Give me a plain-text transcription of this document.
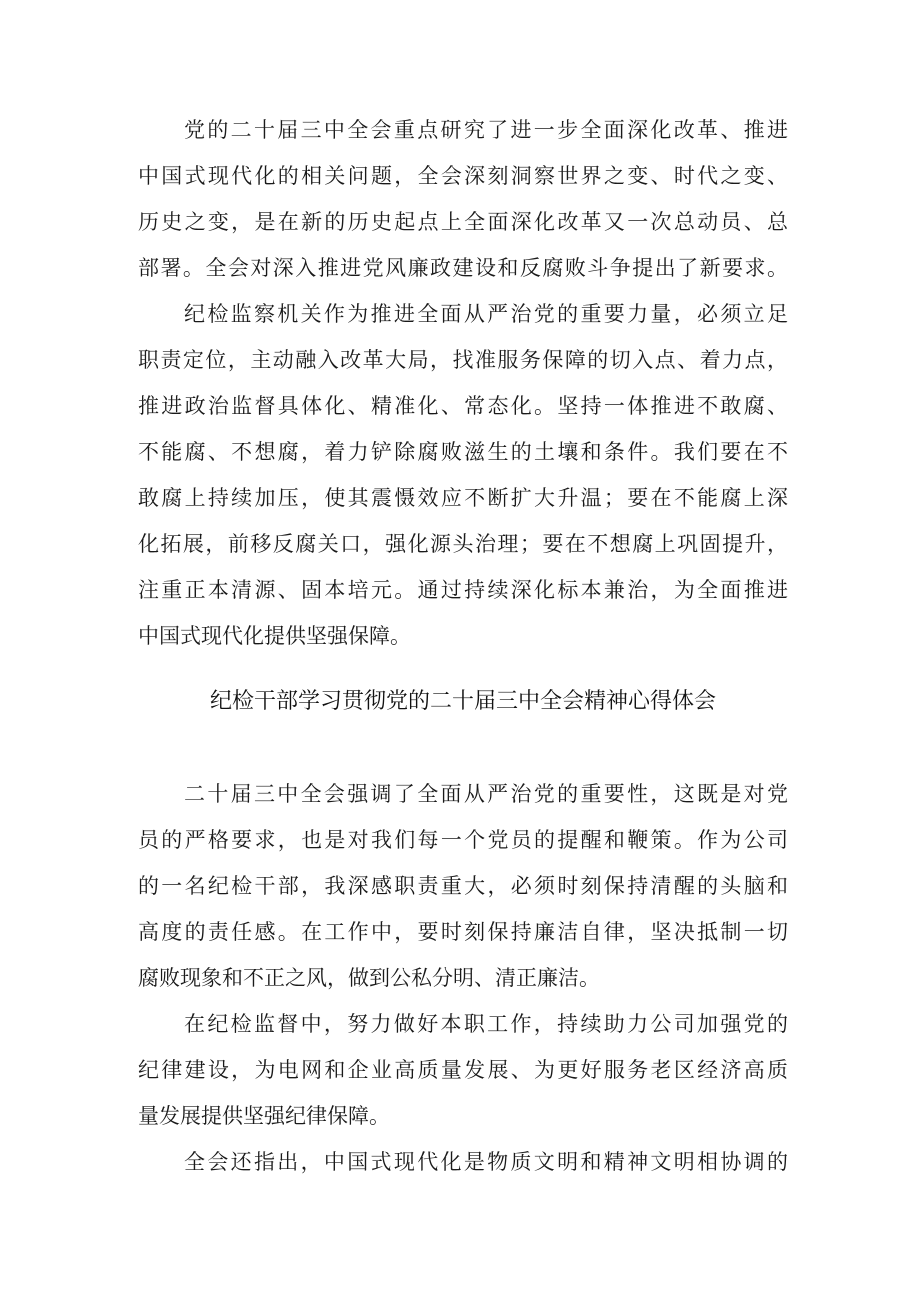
党的二十届三中全会重点研究了进一步全面深化改革、推进
中国式现代化的相关问题，全会深刻洞察世界之变、时代之变、
历史之变，是在新的历史起点上全面深化改革又一次总动员、总
部署。全会对深入推进党风廉政建设和反腐败斗争提出了新要求。
纪检监察机关作为推进全面从严治党的重要力量，必须立足
职责定位，主动融入改革大局，找准服务保障的切入点、着力点，
推进政治监督具体化、精准化、常态化。坚持一体推进不敢腐、
不能腐、不想腐，着力铲除腐败滋生的土壤和条件。我们要在不
敢腐上持续加压，使其震慑效应不断扩大升温；要在不能腐上深
化拓展，前移反腐关口，强化源头治理；要在不想腐上巩固提升，
注重正本清源、固本培元。通过持续深化标本兼治，为全面推进
中国式现代化提供坚强保障。
纪检干部学习贯彻党的二十届三中全会精神心得体会
二十届三中全会强调了全面从严治党的重要性，这既是对党
员的严格要求，也是对我们每一个党员的提醒和鞭策。作为公司
的一名纪检干部，我深感职责重大，必须时刻保持清醒的头脑和
高度的责任感。在工作中，要时刻保持廉洁自律，坚决抵制一切
腐败现象和不正之风，做到公私分明、清正廉洁。
在纪检监督中，努力做好本职工作，持续助力公司加强党的
纪律建设，为电网和企业高质量发展、为更好服务老区经济高质
量发展提供坚强纪律保障。
全会还指出，中国式现代化是物质文明和精神文明相协调的
